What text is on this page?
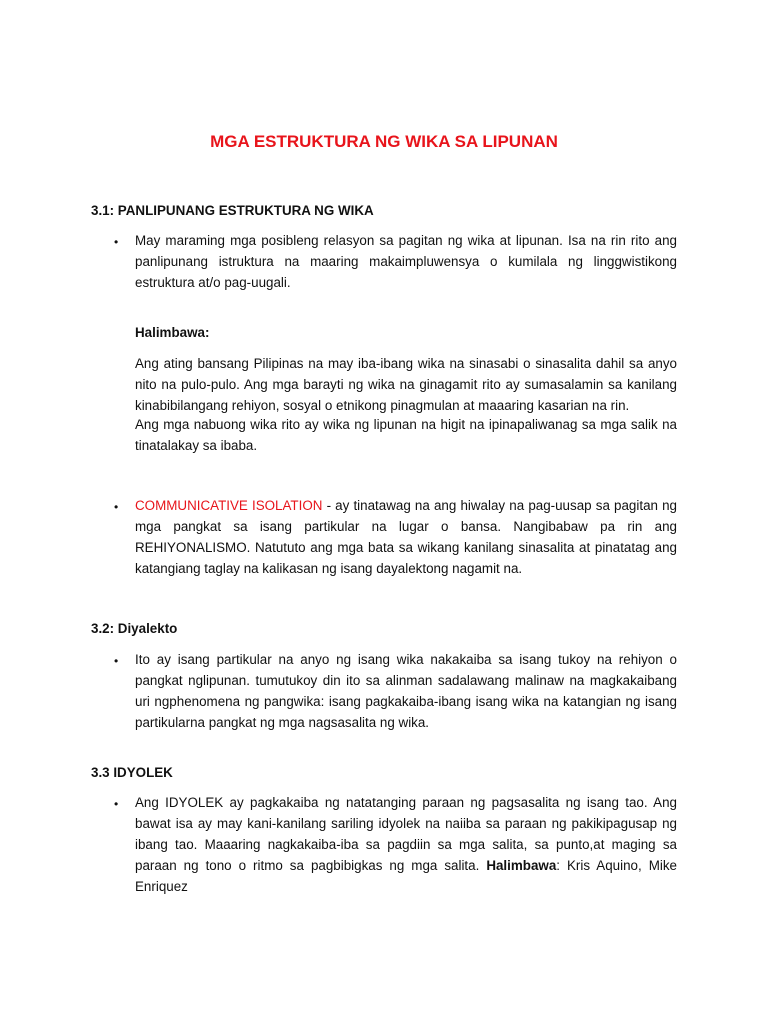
MGA ESTRUKTURA NG WIKA SA LIPUNAN
3.1: PANLIPUNANG ESTRUKTURA NG WIKA
• May maraming mga posibleng relasyon sa pagitan ng wika at lipunan. Isa na rin rito ang panlipunang istruktura na maaring makaimpluwensya o kumilala ng linggwistikong estruktura at/o pag-uugali.
Halimbawa:
Ang ating bansang Pilipinas na may iba-ibang wika na sinasabi o sinasalita dahil sa anyo nito na pulo-pulo. Ang mga barayti ng wika na ginagamit rito ay sumasalamin sa kanilang kinabibilangang rehiyon, sosyal o etnikong pinagmulan at maaaring kasarian na rin.
Ang mga nabuong wika rito ay wika ng lipunan na higit na ipinapaliwanag sa mga salik na tinatalakay sa ibaba.
• COMMUNICATIVE ISOLATION - ay tinatawag na ang hiwalay na pag-uusap sa pagitan ng mga pangkat sa isang partikular na lugar o bansa. Nangibabaw pa rin ang REHIYONALISMO. Natututo ang mga bata sa wikang kanilang sinasalita at pinatatag ang katangiang taglay na kalikasan ng isang dayalektong nagamit na.
3.2: Diyalekto
• Ito ay isang partikular na anyo ng isang wika nakakaiba sa isang tukoy na rehiyon o pangkat nglipunan. tumutukoy din ito sa alinman sadalawang malinaw na magkakaibang uri ngphenomena ng pangwika: isang pagkakaiba-ibang isang wika na katangian ng isang partikularna pangkat ng mga nagsasalita ng wika.
3.3 IDYOLEK
• Ang IDYOLEK ay pagkakaiba ng natatanging paraan ng pagsasalita ng isang tao. Ang bawat isa ay may kani-kanilang sariling idyolek na naiiba sa paraan ng pakikipagusap ng ibang tao. Maaaring nagkakaiba-iba sa pagdiin sa mga salita, sa punto,at maging sa paraan ng tono o ritmo sa pagbibigkas ng mga salita. Halimbawa: Kris Aquino, Mike Enriquez
